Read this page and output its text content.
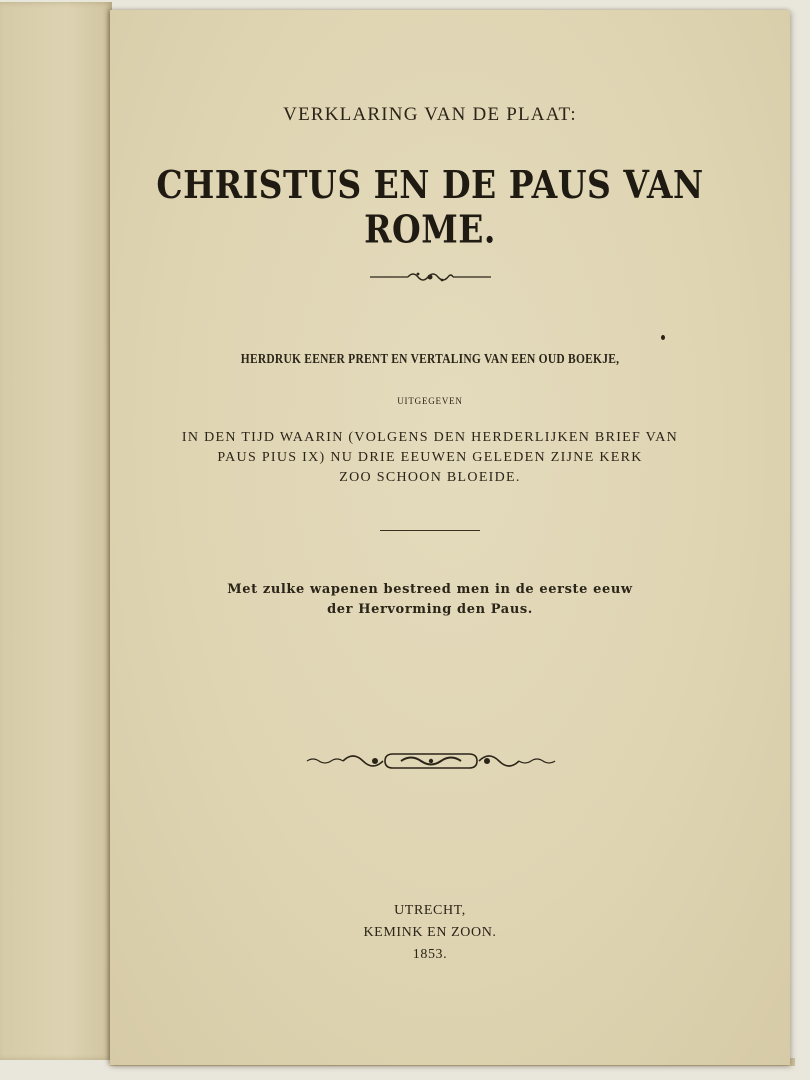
VERKLARING VAN DE PLAAT:
CHRISTUS EN DE PAUS VAN ROME.
HERDRUK EENER PRENT EN VERTALING VAN EEN OUD BOEKJE,
UITGEGEVEN
IN DEN TIJD WAARIN (VOLGENS DEN HERDERLIJKEN BRIEF VAN
PAUS PIUS IX) NU DRIE EEUWEN GELEDEN ZIJNE KERK
ZOO SCHOON BLOEIDE.
Met zulke wapenen bestreed men in de eerste eeuw
der Hervorming den Paus.
UTRECHT,
KEMINK EN ZOON.
1853.
